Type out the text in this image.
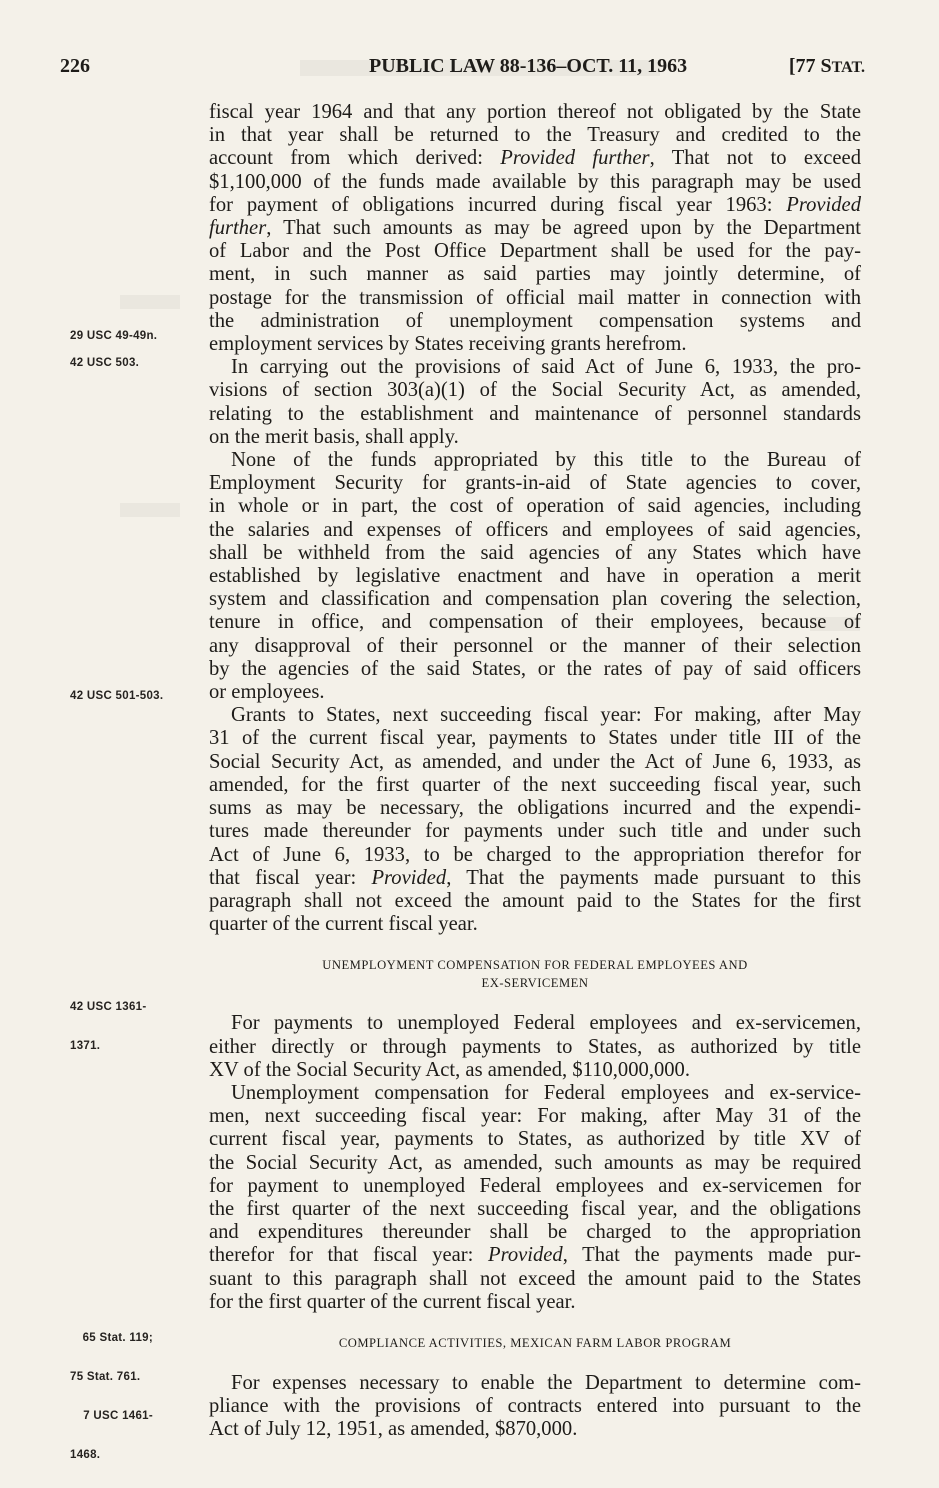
226	PUBLIC LAW 88-136–OCT. 11, 1963	[77 STAT.
29 USC 49-49n.
42 USC 503.
42 USC 501-503.

42 USC 1361-

1371.

65 Stat. 119;

75 Stat. 761.

7 USC 1461-

1468.

fiscal year 1964 and that any portion thereof not obligated by the State

in that year shall be returned to the Treasury and credited to the

account from which derived: Provided further, That not to exceed

$1,100,000 of the funds made available by this paragraph may be used

for payment of obligations incurred during fiscal year 1963: Provided

further, That such amounts as may be agreed upon by the Department

of Labor and the Post Office Department shall be used for the pay-

ment, in such manner as said parties may jointly determine, of

postage for the transmission of official mail matter in connection with

the administration of unemployment compensation systems and

employment services by States receiving grants herefrom.

In carrying out the provisions of said Act of June 6, 1933, the pro-

visions of section 303(a)(1) of the Social Security Act, as amended,

relating to the establishment and maintenance of personnel standards

on the merit basis, shall apply.

None of the funds appropriated by this title to the Bureau of

Employment Security for grants-in-aid of State agencies to cover,

in whole or in part, the cost of operation of said agencies, including

the salaries and expenses of officers and employees of said agencies,

shall be withheld from the said agencies of any States which have

established by legislative enactment and have in operation a merit

system and classification and compensation plan covering the selection,

tenure in office, and compensation of their employees, because of

any disapproval of their personnel or the manner of their selection

by the agencies of the said States, or the rates of pay of said officers

or employees.

Grants to States, next succeeding fiscal year: For making, after May

31 of the current fiscal year, payments to States under title III of the

Social Security Act, as amended, and under the Act of June 6, 1933, as

amended, for the first quarter of the next succeeding fiscal year, such

sums as may be necessary, the obligations incurred and the expendi-

tures made thereunder for payments under such title and under such

Act of June 6, 1933, to be charged to the appropriation therefor for

that fiscal year: Provided, That the payments made pursuant to this

paragraph shall not exceed the amount paid to the States for the first

quarter of the current fiscal year.

UNEMPLOYMENT COMPENSATION FOR FEDERAL EMPLOYEES AND

EX-SERVICEMEN

For payments to unemployed Federal employees and ex-servicemen,

either directly or through payments to States, as authorized by title

XV of the Social Security Act, as amended, $110,000,000.

Unemployment compensation for Federal employees and ex-service-

men, next succeeding fiscal year: For making, after May 31 of the

current fiscal year, payments to States, as authorized by title XV of

the Social Security Act, as amended, such amounts as may be required

for payment to unemployed Federal employees and ex-servicemen for

the first quarter of the next succeeding fiscal year, and the obligations

and expenditures thereunder shall be charged to the appropriation

therefor for that fiscal year: Provided, That the payments made pur-

suant to this paragraph shall not exceed the amount paid to the States

for the first quarter of the current fiscal year.

COMPLIANCE ACTIVITIES, MEXICAN FARM LABOR PROGRAM

For expenses necessary to enable the Department to determine com-

pliance with the provisions of contracts entered into pursuant to the

Act of July 12, 1951, as amended, $870,000.
